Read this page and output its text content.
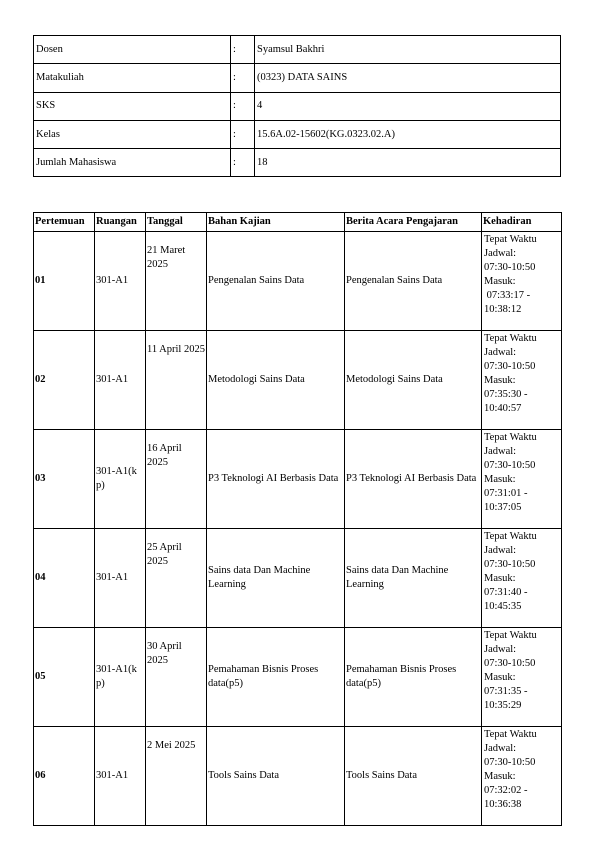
Dosen	:	Syamsul Bakhri
Matakuliah	:	(0323) DATA SAINS
SKS	:	4
Kelas	:	15.6A.02-15602(KG.0323.02.A)
Jumlah Mahasiswa	:	18
Pertemuan	Ruangan	Tanggal	Bahan Kajian	Berita Acara Pengajaran	Kehadiran
01	301-A1	21 Maret 2025	Pengenalan Sains Data	Pengenalan Sains Data	Tepat Waktu
Jadwal:
07:30-10:50
Masuk:
07:33:17 - 10:38:12

02	301-A1	11 April 2025	Metodologi Sains Data	Metodologi Sains Data	Tepat Waktu
Jadwal:
07:30-10:50
Masuk:
07:35:30 - 10:40:57

03	301-A1(kp)	16 April 2025	P3 Teknologi AI Berbasis Data	P3 Teknologi AI Berbasis Data	Tepat Waktu
Jadwal:
07:30-10:50
Masuk:
07:31:01 - 10:37:05

04	301-A1	25 April 2025	Sains data Dan Machine Learning	Sains data Dan Machine Learning	Tepat Waktu
Jadwal:
07:30-10:50
Masuk:
07:31:40 - 10:45:35

05	301-A1(kp)	30 April 2025	Pemahaman Bisnis Proses data(p5)	Pemahaman Bisnis Proses data(p5)	Tepat Waktu
Jadwal:
07:30-10:50
Masuk:
07:31:35 - 10:35:29

06	301-A1	2 Mei 2025	Tools Sains Data	Tools Sains Data	Tepat Waktu
Jadwal:
07:30-10:50
Masuk:
07:32:02 - 10:36:38
